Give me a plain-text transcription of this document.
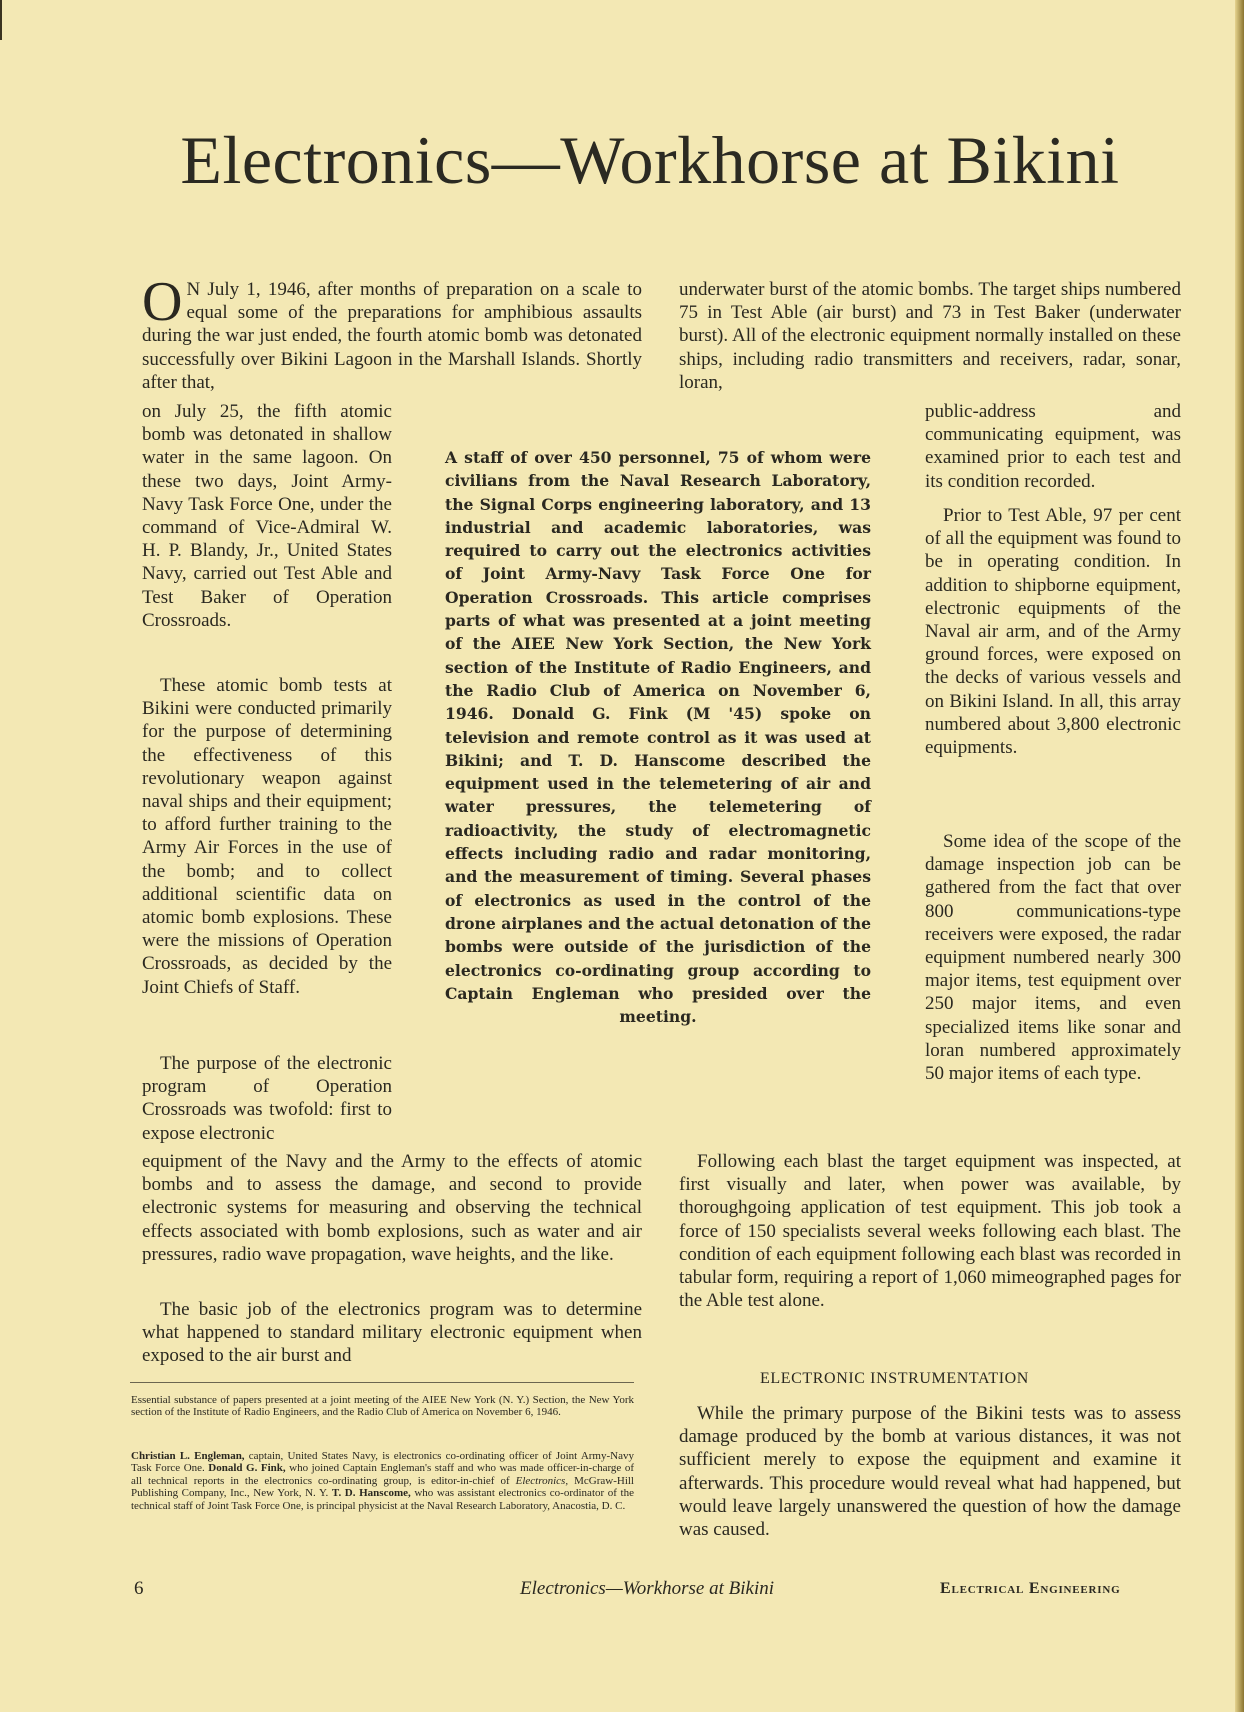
Electronics—Workhorse at Bikini

O N July 1, 1946, after months of preparation on a scale to equal some of the preparations for amphibious assaults during the war just ended, the fourth atomic bomb was detonated successfully over Bikini Lagoon in the Marshall Islands. Shortly after that,

underwater burst of the atomic bombs. The target ships numbered 75 in Test Able (air burst) and 73 in Test Baker (underwater burst). All of the electronic equipment normally installed on these ships, including radio transmitters and receivers, radar, sonar, loran,

on July 25, the fifth atomic bomb was detonated in shallow water in the same lagoon. On these two days, Joint Army-Navy Task Force One, under the command of Vice-Admiral W. H. P. Blandy, Jr., United States Navy, carried out Test Able and Test Baker of Operation Crossroads.

These atomic bomb tests at Bikini were conducted primarily for the purpose of determining the effectiveness of this revolutionary weapon against naval ships and their equipment; to afford further training to the Army Air Forces in the use of the bomb; and to collect additional scientific data on atomic bomb explosions. These were the missions of Operation Crossroads, as decided by the Joint Chiefs of Staff.

The purpose of the electronic program of Operation Crossroads was twofold: first to expose electronic

A staff of over 450 personnel, 75 of whom were civilians from the Naval Research Laboratory, the Signal Corps engineering laboratory, and 13 industrial and academic laboratories, was required to carry out the electronics activities of Joint Army-Navy Task Force One for Operation Crossroads. This article comprises parts of what was presented at a joint meeting of the AIEE New York Section, the New York section of the Institute of Radio Engineers, and the Radio Club of America on November 6, 1946. Donald G. Fink (M '45) spoke on television and remote control as it was used at Bikini; and T. D. Hanscome described the equipment used in the telemetering of air and water pressures, the telemetering of radioactivity, the study of electromagnetic effects including radio and radar monitoring, and the measurement of timing. Several phases of electronics as used in the control of the drone airplanes and the actual detonation of the bombs were outside of the jurisdiction of the electronics co-ordinating group according to Captain Engleman who presided over the meeting.

public-address and communicating equipment, was examined prior to each test and its condition recorded.

Prior to Test Able, 97 per cent of all the equipment was found to be in operating condition. In addition to shipborne equipment, electronic equipments of the Naval air arm, and of the Army ground forces, were exposed on the decks of various vessels and on Bikini Island. In all, this array numbered about 3,800 electronic equipments.

Some idea of the scope of the damage inspection job can be gathered from the fact that over 800 communications-type receivers were exposed, the radar equipment numbered nearly 300 major items, test equipment over 250 major items, and even specialized items like sonar and loran numbered approximately 50 major items of each type.

equipment of the Navy and the Army to the effects of atomic bombs and to assess the damage, and second to provide electronic systems for measuring and observing the technical effects associated with bomb explosions, such as water and air pressures, radio wave propagation, wave heights, and the like.

The basic job of the electronics program was to determine what happened to standard military electronic equipment when exposed to the air burst and

Essential substance of papers presented at a joint meeting of the AIEE New York (N. Y.) Section, the New York section of the Institute of Radio Engineers, and the Radio Club of America on November 6, 1946.

Christian L. Engleman, captain, United States Navy, is electronics co-ordinating officer of Joint Army-Navy Task Force One. Donald G. Fink, who joined Captain Engleman's staff and who was made officer-in-charge of all technical reports in the electronics co-ordinating group, is editor-in-chief of Electronics, McGraw-Hill Publishing Company, Inc., New York, N. Y. T. D. Hanscome, who was assistant electronics co-ordinator of the technical staff of Joint Task Force One, is principal physicist at the Naval Research Laboratory, Anacostia, D. C.

Following each blast the target equipment was inspected, at first visually and later, when power was available, by thoroughgoing application of test equipment. This job took a force of 150 specialists several weeks following each blast. The condition of each equipment following each blast was recorded in tabular form, requiring a report of 1,060 mimeographed pages for the Able test alone.

ELECTRONIC INSTRUMENTATION

While the primary purpose of the Bikini tests was to assess damage produced by the bomb at various distances, it was not sufficient merely to expose the equipment and examine it afterwards. This procedure would reveal what had happened, but would leave largely unanswered the question of how the damage was caused.

6	Electronics—Workhorse at Bikini	Electrical Engineering
